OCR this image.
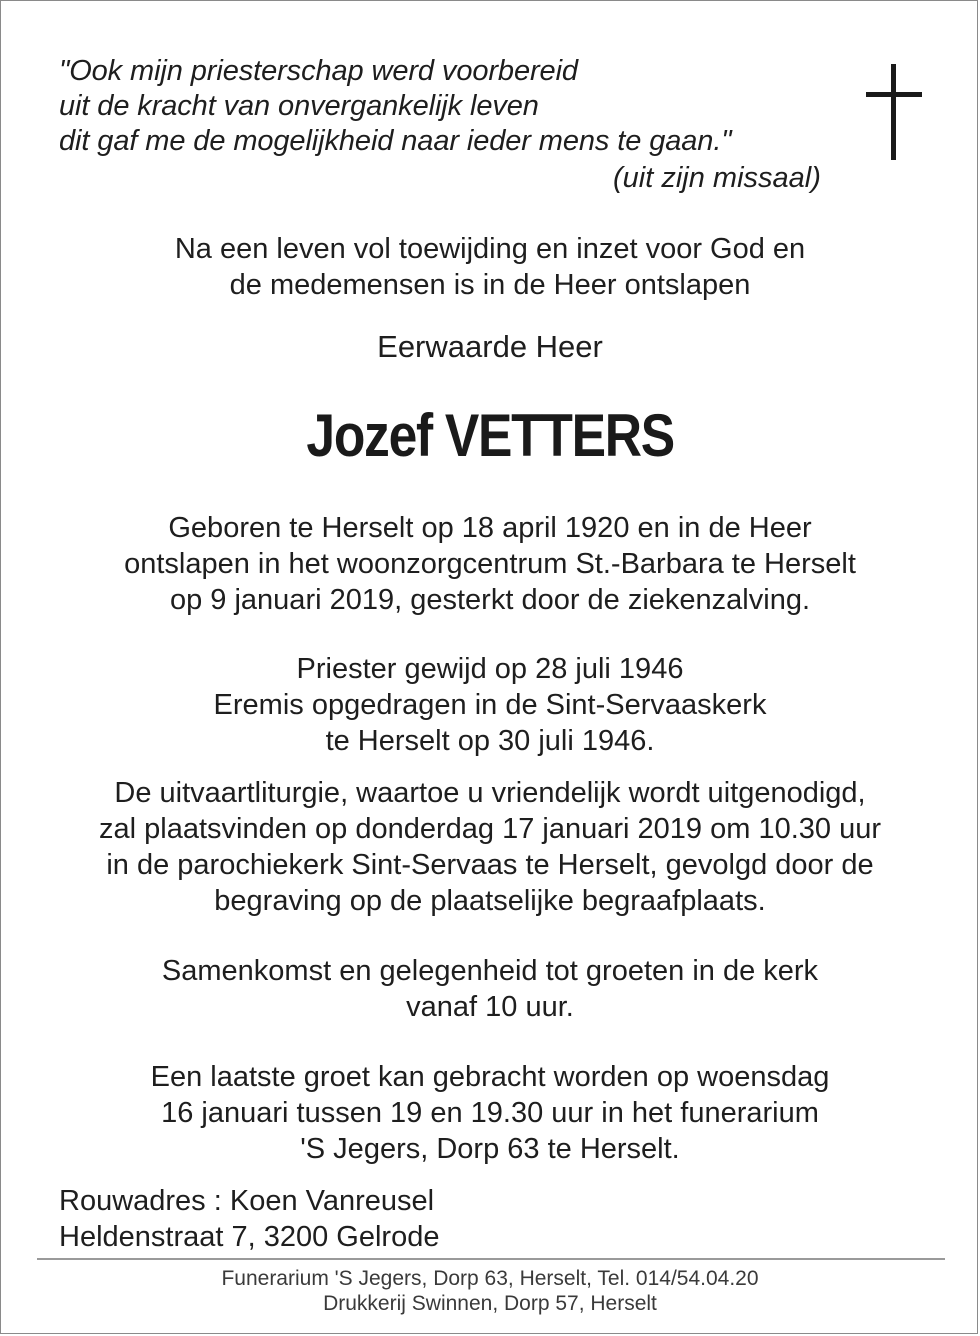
"Ook mijn priesterschap werd voorbereid
uit de kracht van onvergankelijk leven
dit gaf me de mogelijkheid naar ieder mens te gaan."
(uit zijn missaal)
Na een leven vol toewijding en inzet voor God en
de medemensen is in de Heer ontslapen
Eerwaarde Heer
Jozef VETTERS
Geboren te Herselt op 18 april 1920 en in de Heer
ontslapen in het woonzorgcentrum St.-Barbara te Herselt
op 9 januari 2019, gesterkt door de ziekenzalving.
Priester gewijd op 28 juli 1946
Eremis opgedragen in de Sint-Servaaskerk
te Herselt op 30 juli 1946.
De uitvaartliturgie, waartoe u vriendelijk wordt uitgenodigd,
zal plaatsvinden op donderdag 17 januari 2019 om 10.30 uur
in de parochiekerk Sint-Servaas te Herselt, gevolgd door de
begraving op de plaatselijke begraafplaats.
Samenkomst en gelegenheid tot groeten in de kerk
vanaf 10 uur.
Een laatste groet kan gebracht worden op woensdag
16 januari tussen 19 en 19.30 uur in het funerarium
'S Jegers, Dorp 63 te Herselt.
Rouwadres : Koen Vanreusel
Heldenstraat 7, 3200 Gelrode
Funerarium 'S Jegers, Dorp 63, Herselt, Tel. 014/54.04.20
Drukkerij Swinnen, Dorp 57, Herselt
